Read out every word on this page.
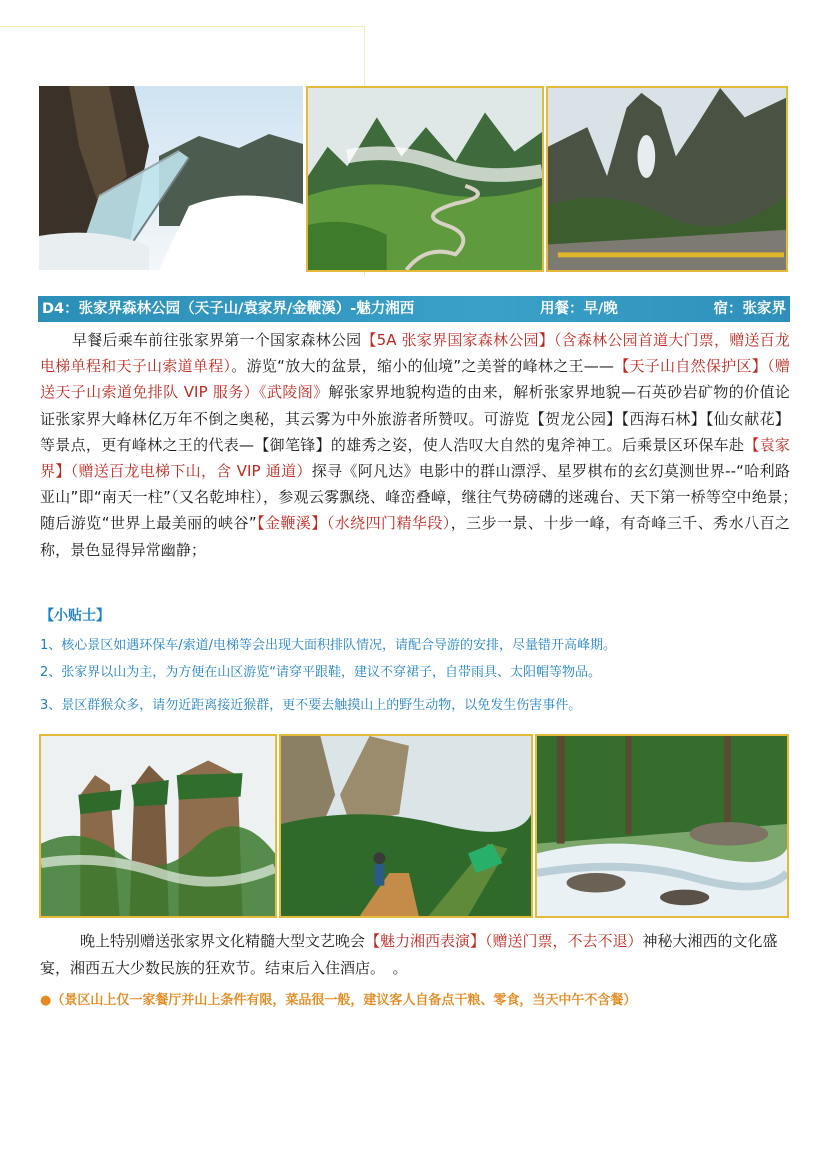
D4：张家界森林公园（天子山/袁家界/金鞭溪）-魅力湘西	用餐：早/晚	宿：张家界
早餐后乘车前往张家界第一个国家森林公园【5A 张家界国家森林公园】（含森林公园首道大门票，赠送百龙电梯单程和天子山索道单程）。游览“放大的盆景，缩小的仙境”之美誉的峰林之王——【天子山自然保护区】（赠送天子山索道免排队 VIP 服务）《武陵阁》解张家界地貌构造的由来，解析张家界地貌—石英砂岩矿物的价值论证张家界大峰林亿万年不倒之奥秘，其云雾为中外旅游者所赞叹。可游览【贺龙公园】【西海石林】【仙女献花】等景点，更有峰林之王的代表—【御笔锋】的雄秀之姿，使人浩叹大自然的鬼斧神工。后乘景区环保车赴【袁家界】（赠送百龙电梯下山，含 VIP 通道）探寻《阿凡达》电影中的群山漂浮、星罗棋布的玄幻莫测世界--“哈利路亚山”即“南天一柱”（又名乾坤柱），参观云雾飘绕、峰峦叠嶂，继往气势磅礴的迷魂台、天下第一桥等空中绝景；　随后游览“世界上最美丽的峡谷”【金鞭溪】（水绕四门精华段），三步一景、十步一峰，有奇峰三千、秀水八百之称，景色显得异常幽静；
【小贴士】
1、核心景区如遇环保车/索道/电梯等会出现大面积排队情况，请配合导游的安排，尽量错开高峰期。
2、张家界以山为主，为方便在山区游览“请穿平跟鞋，建议不穿裙子，自带雨具、太阳帽等物品。
3、景区群猴众多，请勿近距离接近猴群，更不要去触摸山上的野生动物，以免发生伤害事件。
晚上特别赠送张家界文化精髓大型文艺晚会【魅力湘西表演】（赠送门票，不去不退）神秘大湘西的文化盛宴，湘西五大少数民族的狂欢节。结束后入住酒店。　。
●（景区山上仅一家餐厅并山上条件有限，菜品很一般，建议客人自备点干粮、零食，当天中午不含餐）
